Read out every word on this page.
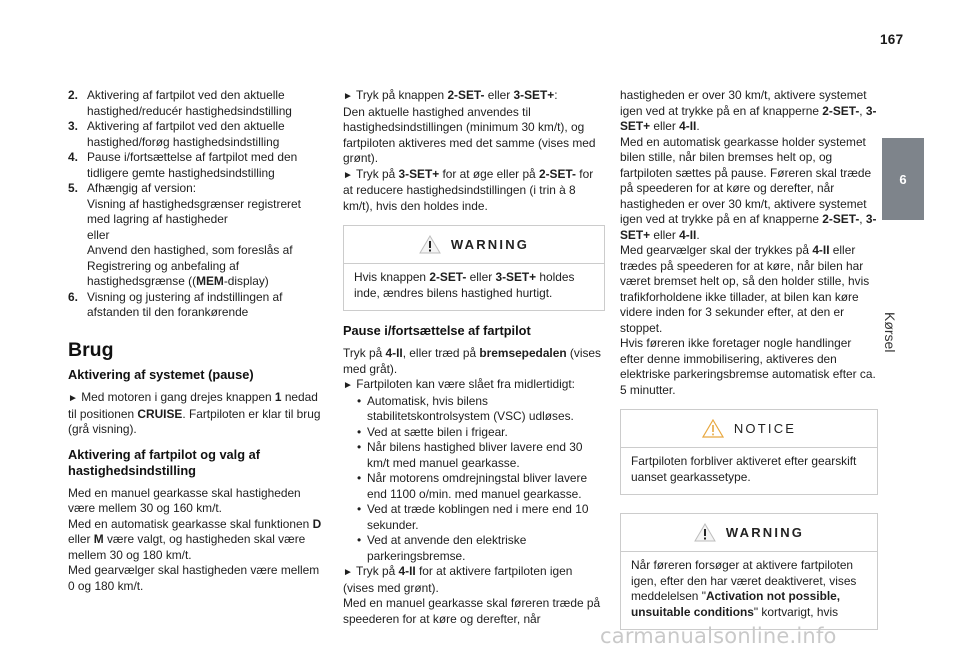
167
6
Kørsel
2. Aktivering af fartpilot ved den aktuelle hastighed/reducér hastighedsindstilling
3. Aktivering af fartpilot ved den aktuelle hastighed/forøg hastighedsindstilling
4. Pause i/fortsættelse af fartpilot med den tidligere gemte hastighedsindstilling
5. Afhængig af version:
Visning af hastighedsgrænser registreret med lagring af hastigheder
eller
Anvend den hastighed, som foreslås af Registrering og anbefaling af hastighedsgrænse ((MEM-display)
6. Visning og justering af indstillingen af afstanden til den forankørende
Brug
Aktivering af systemet (pause)
► Med motoren i gang drejes knappen 1 nedad til positionen CRUISE. Fartpiloten er klar til brug (grå visning).
Aktivering af fartpilot og valg af hastighedsindstilling
Med en manuel gearkasse skal hastigheden være mellem 30 og 160 km/t.
Med en automatisk gearkasse skal funktionen D eller M være valgt, og hastigheden skal være mellem 30 og 180 km/t.
Med gearvælger skal hastigheden være mellem 0 og 180 km/t.
► Tryk på knappen 2-SET- eller 3-SET+:
Den aktuelle hastighed anvendes til hastighedsindstillingen (minimum 30 km/t), og fartpiloten aktiveres med det samme (vises med grønt).
► Tryk på 3-SET+ for at øge eller på 2-SET- for at reducere hastighedsindstillingen (i trin à 8 km/t), hvis den holdes inde.
WARNING
Hvis knappen 2-SET- eller 3-SET+ holdes inde, ændres bilens hastighed hurtigt.
Pause i/fortsættelse af fartpilot
Tryk på 4-II, eller træd på bremsepedalen (vises med gråt).
► Fartpiloten kan være slået fra midlertidigt:
• Automatisk, hvis bilens stabilitetskontrolsystem (VSC) udløses.
• Ved at sætte bilen i frigear.
• Når bilens hastighed bliver lavere end 30 km/t med manuel gearkasse.
• Når motorens omdrejningstal bliver lavere end 1100 o/min. med manuel gearkasse.
• Ved at træde koblingen ned i mere end 10 sekunder.
• Ved at anvende den elektriske parkeringsbremse.
► Tryk på 4-II for at aktivere fartpiloten igen (vises med grønt).
Med en manuel gearkasse skal føreren træde på speederen for at køre og derefter, når
hastigheden er over 30 km/t, aktivere systemet igen ved at trykke på en af knapperne 2-SET-, 3-SET+ eller 4-II.
Med en automatisk gearkasse holder systemet bilen stille, når bilen bremses helt op, og fartpiloten sættes på pause. Føreren skal træde på speederen for at køre og derefter, når hastigheden er over 30 km/t, aktivere systemet igen ved at trykke på en af knapperne 2-SET-, 3-SET+ eller 4-II.
Med gearvælger skal der trykkes på 4-II eller trædes på speederen for at køre, når bilen har været bremset helt op, så den holder stille, hvis trafikforholdene ikke tillader, at bilen kan køre videre inden for 3 sekunder efter, at den er stoppet.
Hvis føreren ikke foretager nogle handlinger efter denne immobilisering, aktiveres den elektriske parkeringsbremse automatisk efter ca. 5 minutter.
NOTICE
Fartpiloten forbliver aktiveret efter gearskift uanset gearkassetype.
WARNING
Når føreren forsøger at aktivere fartpiloten igen, efter den har været deaktiveret, vises meddelelsen "Activation not possible, unsuitable conditions" kortvarigt, hvis
carmanualsonline.info
